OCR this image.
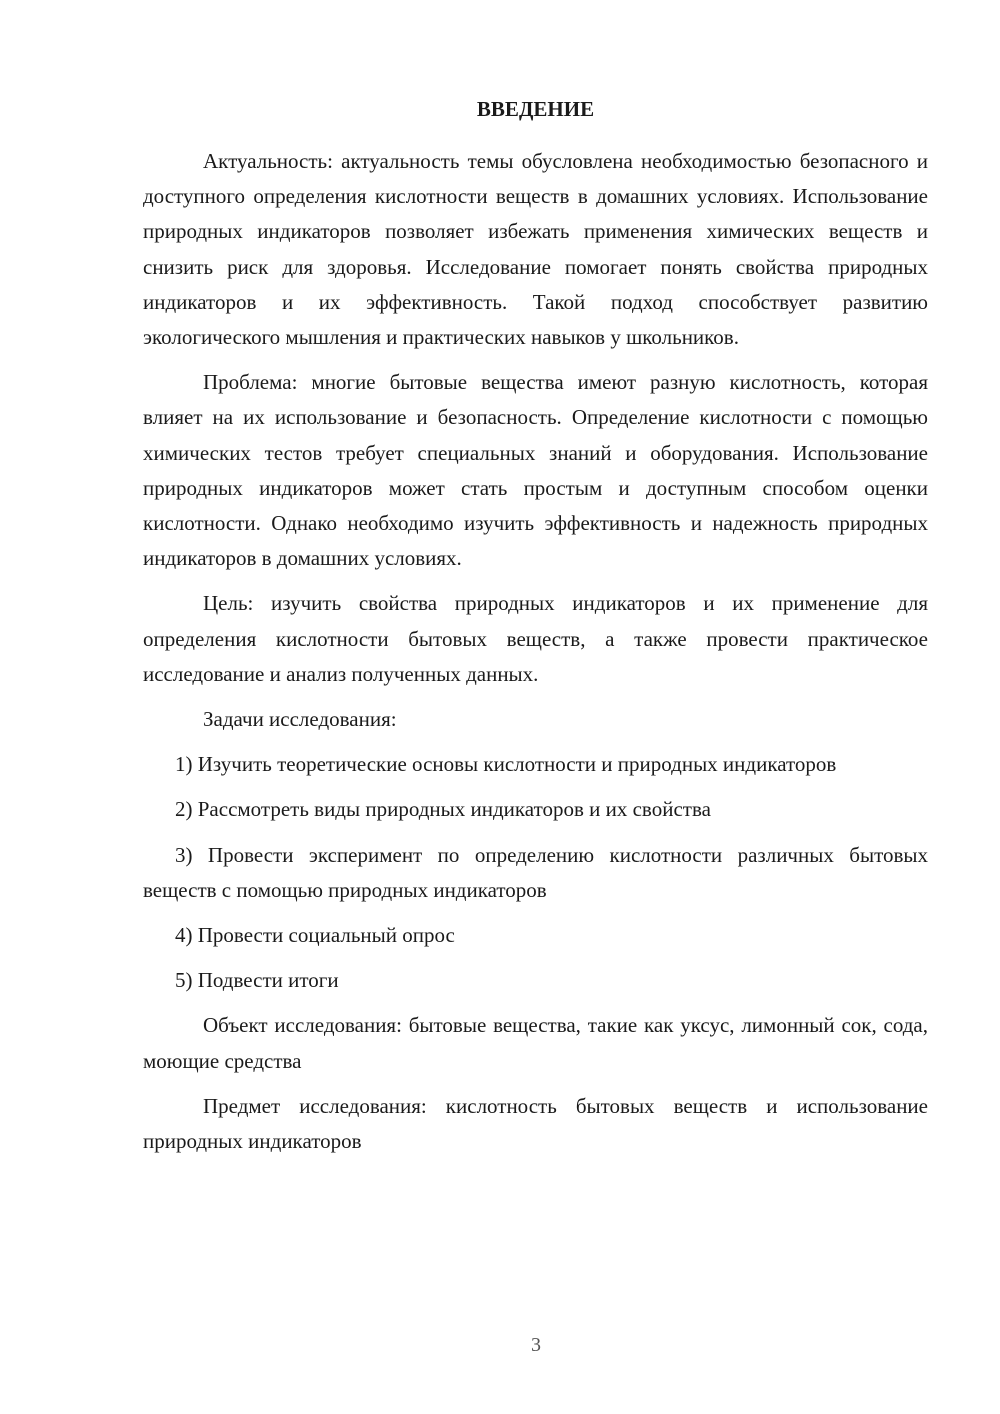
ВВЕДЕНИЕ

Актуальность: актуальность темы обусловлена необходимостью безопасного и доступного определения кислотности веществ в домашних условиях. Использование природных индикаторов позволяет избежать применения химических веществ и снизить риск для здоровья. Исследование помогает понять свойства природных индикаторов и их эффективность. Такой подход способствует развитию экологического мышления и практических навыков у школьников.

Проблема: многие бытовые вещества имеют разную кислотность, которая влияет на их использование и безопасность. Определение кислотности с помощью химических тестов требует специальных знаний и оборудования. Использование природных индикаторов может стать простым и доступным способом оценки кислотности. Однако необходимо изучить эффективность и надежность природных индикаторов в домашних условиях.

Цель: изучить свойства природных индикаторов и их применение для определения кислотности бытовых веществ, а также провести практическое исследование и анализ полученных данных.

Задачи исследования:

1) Изучить теоретические основы кислотности и природных индикаторов

2) Рассмотреть виды природных индикаторов и их свойства

3) Провести эксперимент по определению кислотности различных бытовых веществ с помощью природных индикаторов

4) Провести социальный опрос

5) Подвести итоги

Объект исследования: бытовые вещества, такие как уксус, лимонный сок, сода, моющие средства

Предмет исследования: кислотность бытовых веществ и использование природных индикаторов

3
